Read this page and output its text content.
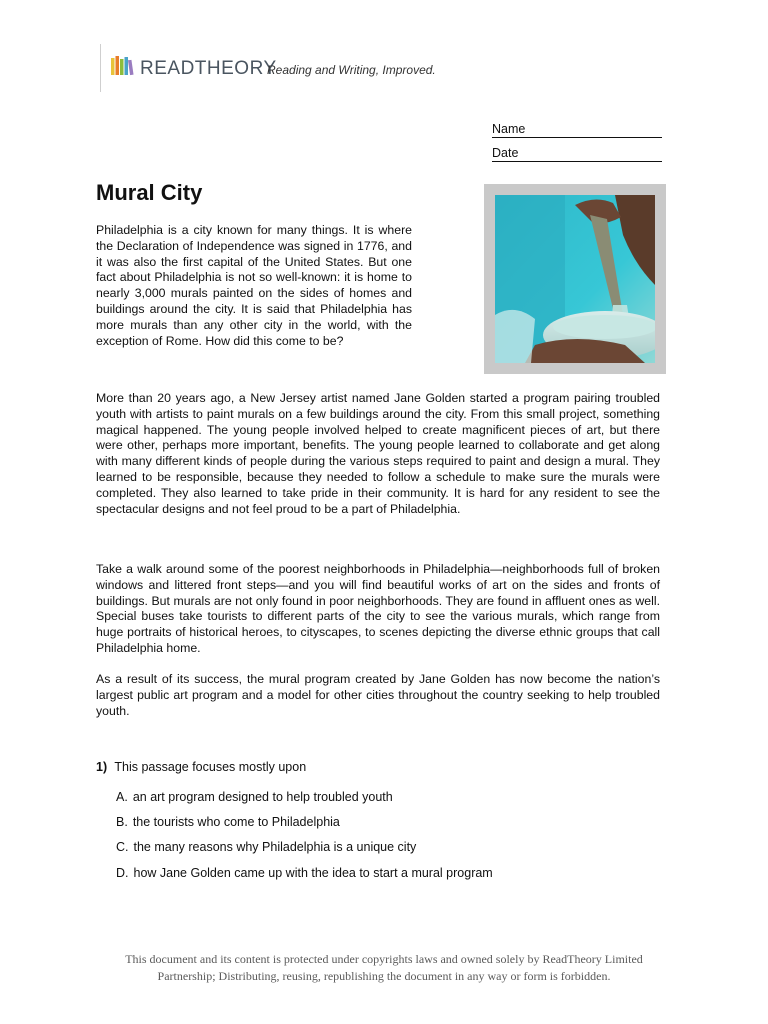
READTHEORY
Reading and Writing, Improved.
Name
Date
Mural City

Philadelphia is a city known for many things. It is where the Declaration of Independence was signed in 1776, and it was also the first capital of the United States. But one fact about Philadelphia is not so well-known: it is home to nearly 3,000 murals painted on the sides of homes and buildings around the city. It is said that Philadelphia has more murals than any other city in the world, with the exception of Rome. How did this come to be?

More than 20 years ago, a New Jersey artist named Jane Golden started a program pairing troubled youth with artists to paint murals on a few buildings around the city. From this small project, something magical happened. The young people involved helped to create magnificent pieces of art, but there were other, perhaps more important, benefits. The young people learned to collaborate and get along with many different kinds of people during the various steps required to paint and design a mural. They learned to be responsible, because they needed to follow a schedule to make sure the murals were completed. They also learned to take pride in their community. It is hard for any resident to see the spectacular designs and not feel proud to be a part of Philadelphia.

Take a walk around some of the poorest neighborhoods in Philadelphia—neighborhoods full of broken windows and littered front steps—and you will find beautiful works of art on the sides and fronts of buildings. But murals are not only found in poor neighborhoods. They are found in affluent ones as well. Special buses take tourists to different parts of the city to see the various murals, which range from huge portraits of historical heroes, to cityscapes, to scenes depicting the diverse ethnic groups that call Philadelphia home.

As a result of its success, the mural program created by Jane Golden has now become the nation’s largest public art program and a model for other cities throughout the country seeking to help troubled youth.

1) This passage focuses mostly upon
A. an art program designed to help troubled youth
B. the tourists who come to Philadelphia
C. the many reasons why Philadelphia is a unique city
D. how Jane Golden came up with the idea to start a mural program
This document and its content is protected under copyrights laws and owned solely by ReadTheory Limited
Partnership; Distributing, reusing, republishing the document in any way or form is forbidden.
